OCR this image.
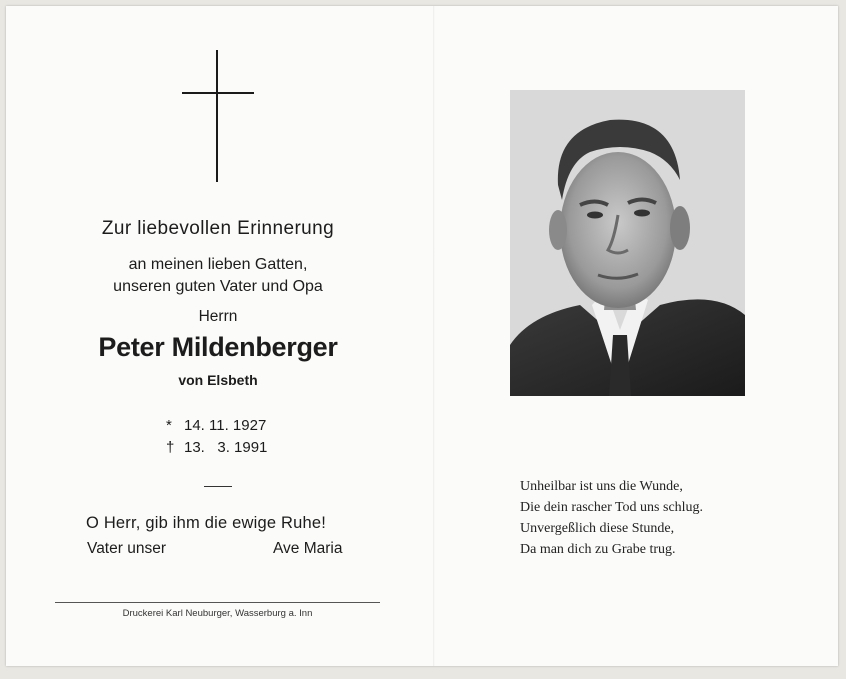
Zur liebevollen Erinnerung
an meinen lieben Gatten,
unseren guten Vater und Opa
Herrn
Peter Mildenberger
von Elsbeth
* 14. 11. 1927
† 13.   3. 1991
O Herr, gib ihm die ewige Ruhe!
Vater unser	Ave Maria
Druckerei Karl Neuburger, Wasserburg a. Inn
Unheilbar ist uns die Wunde,
Die dein rascher Tod uns schlug.
Unvergeßlich diese Stunde,
Da man dich zu Grabe trug.
